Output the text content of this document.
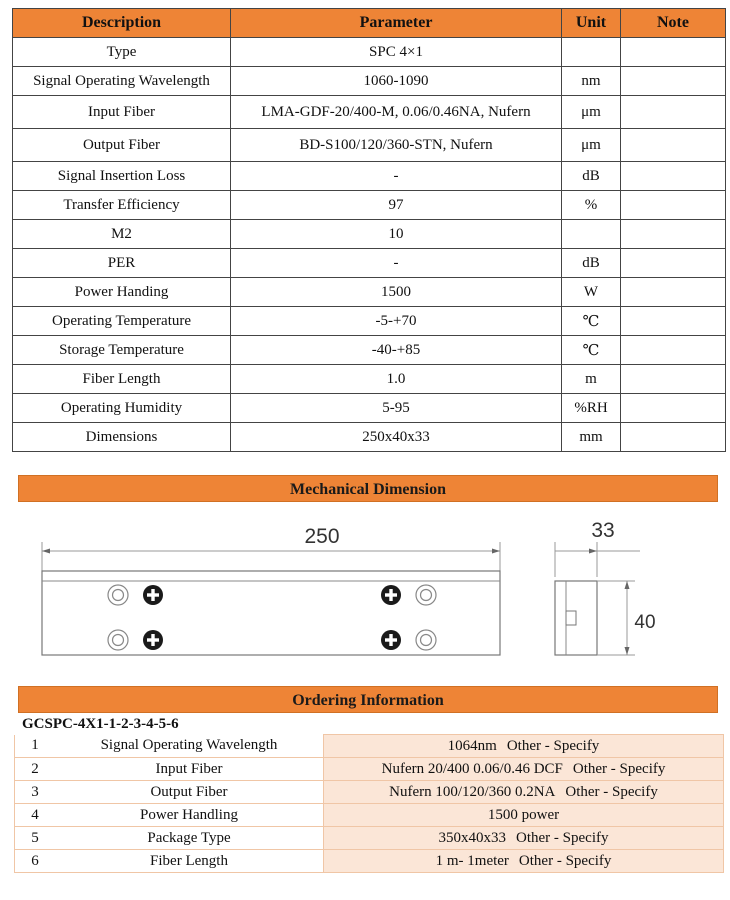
Description	Parameter	Unit	Note
Type	SPC 4×1		
Signal Operating Wavelength	1060-1090	nm	
Input Fiber	LMA-GDF-20/400-M, 0.06/0.46NA, Nufern	μm	
Output Fiber	BD-S100/120/360-STN, Nufern	μm	
Signal Insertion Loss	-	dB	
Transfer Efficiency	97	%	
M2	10		
PER	-	dB	
Power Handing	1500	W	
Operating Temperature	-5-+70	℃	
Storage Temperature	-40-+85	℃	
Fiber Length	1.0	m	
Operating Humidity	5-95	%RH	
Dimensions	250x40x33	mm	
Mechanical Dimension
250	33
40
Ordering Information
GCSPC-4X1-1-2-3-4-5-6
1	Signal Operating Wavelength	1064nm Other - Specify
2	Input Fiber	Nufern 20/400 0.06/0.46 DCF Other - Specify
3	Output Fiber	Nufern 100/120/360 0.2NA Other - Specify
4	Power Handling	1500 power
5	Package Type	350x40x33 Other - Specify
6	Fiber Length	1 m- 1meter Other - Specify
